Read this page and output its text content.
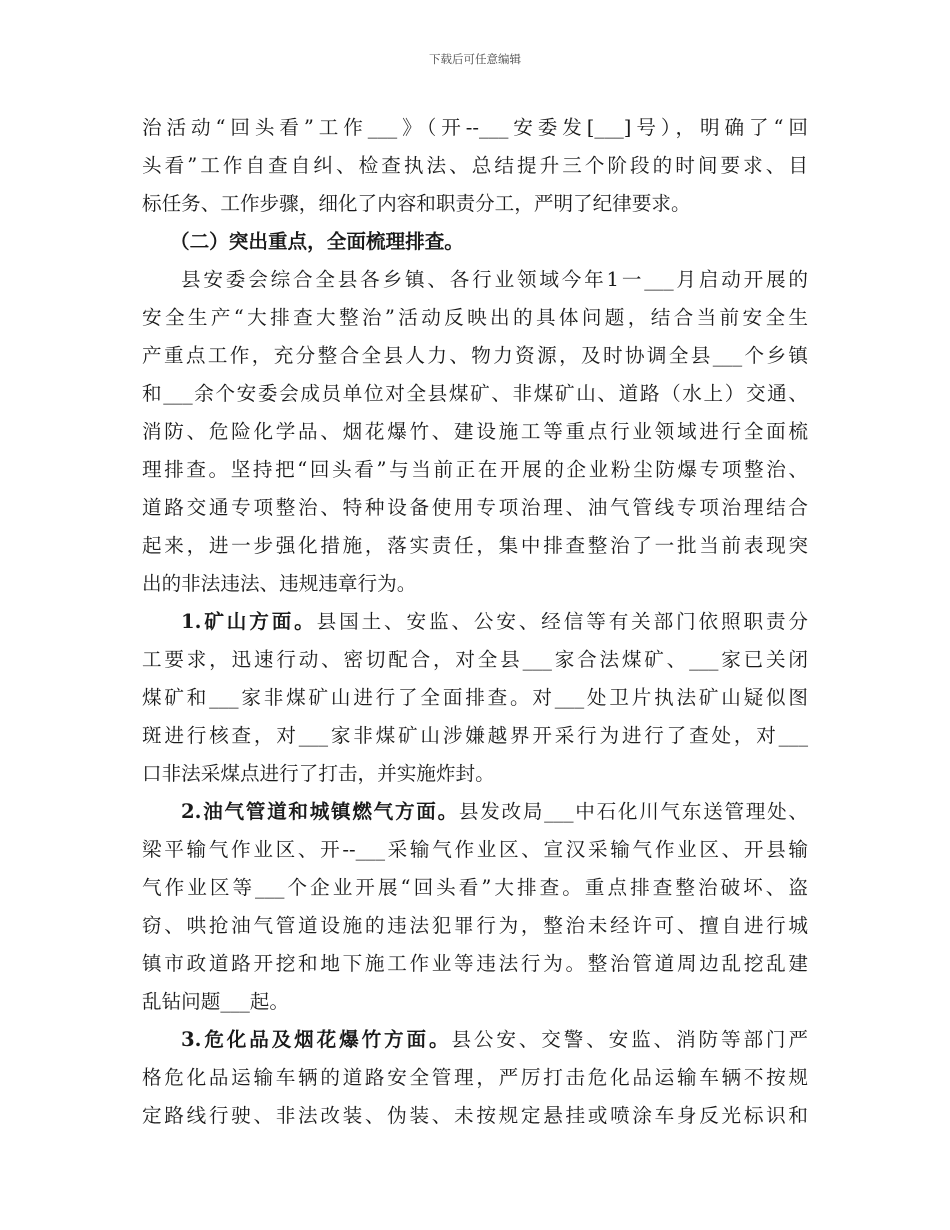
下载后可任意编辑
治活动“回头看”工作___》（开--___安委发[___]号），明确了“回
头看”工作自查自纠、检查执法、总结提升三个阶段的时间要求、目
标任务、工作步骤，细化了内容和职责分工，严明了纪律要求。
（二）突出重点，全面梳理排查。
县安委会综合全县各乡镇、各行业领域今年1一___月启动开展的
安全生产“大排查大整治”活动反映出的具体问题，结合当前安全生
产重点工作，充分整合全县人力、物力资源，及时协调全县___个乡镇
和___余个安委会成员单位对全县煤矿、非煤矿山、道路（水上）交通、
消防、危险化学品、烟花爆竹、建设施工等重点行业领域进行全面梳
理排查。坚持把“回头看”与当前正在开展的企业粉尘防爆专项整治、
道路交通专项整治、特种设备使用专项治理、油气管线专项治理结合
起来，进一步强化措施，落实责任，集中排查整治了一批当前表现突
出的非法违法、违规违章行为。
1.矿山方面。县国土、安监、公安、经信等有关部门依照职责分
工要求，迅速行动、密切配合，对全县___家合法煤矿、___家已关闭
煤矿和___家非煤矿山进行了全面排查。对___处卫片执法矿山疑似图
斑进行核查，对___家非煤矿山涉嫌越界开采行为进行了查处，对___
口非法采煤点进行了打击，并实施炸封。
2.油气管道和城镇燃气方面。县发改局___中石化川气东送管理处、
梁平输气作业区、开--___采输气作业区、宣汉采输气作业区、开县输
气作业区等___个企业开展“回头看”大排查。重点排查整治破坏、盗
窃、哄抢油气管道设施的违法犯罪行为，整治未经许可、擅自进行城
镇市政道路开挖和地下施工作业等违法行为。整治管道周边乱挖乱建
乱钻问题___起。
3.危化品及烟花爆竹方面。县公安、交警、安监、消防等部门严
格危化品运输车辆的道路安全管理，严厉打击危化品运输车辆不按规
定路线行驶、非法改装、伪装、未按规定悬挂或喷涂车身反光标识和
